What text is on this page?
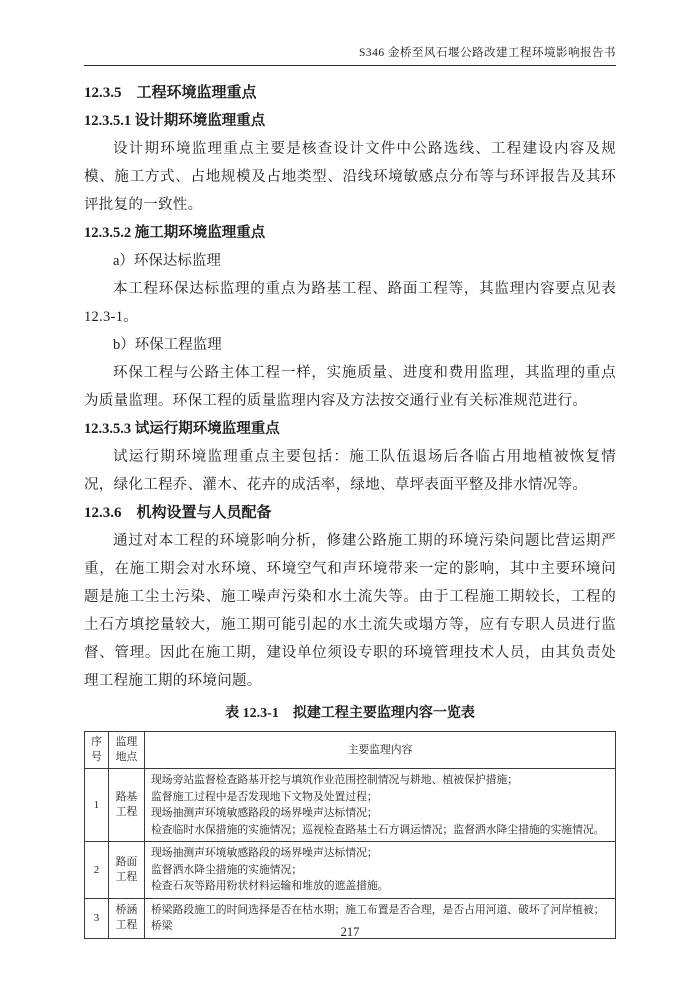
S346 金桥至风石堰公路改建工程环境影响报告书

12.3.5　工程环境监理重点

12.3.5.1 设计期环境监理重点

设计期环境监理重点主要是核查设计文件中公路选线、工程建设内容及规模、施工方式、占地规模及占地类型、沿线环境敏感点分布等与环评报告及其环评批复的一致性。

12.3.5.2 施工期环境监理重点

a）环保达标监理

本工程环保达标监理的重点为路基工程、路面工程等，其监理内容要点见表12.3-1。

b）环保工程监理

环保工程与公路主体工程一样，实施质量、进度和费用监理，其监理的重点为质量监理。环保工程的质量监理内容及方法按交通行业有关标准规范进行。

12.3.5.3 试运行期环境监理重点

试运行期环境监理重点主要包括：施工队伍退场后各临占用地植被恢复情况，绿化工程乔、灌木、花卉的成活率，绿地、草坪表面平整及排水情况等。

12.3.6　机构设置与人员配备

通过对本工程的环境影响分析，修建公路施工期的环境污染问题比营运期严重，在施工期会对水环境、环境空气和声环境带来一定的影响，其中主要环境问题是施工尘土污染、施工噪声污染和水土流失等。由于工程施工期较长，工程的土石方填挖量较大，施工期可能引起的水土流失或塌方等，应有专职人员进行监督、管理。因此在施工期，建设单位须设专职的环境管理技术人员，由其负责处理工程施工期的环境问题。

表 12.3-1　拟建工程主要监理内容一览表
序号	监理地点	主要监理内容
1	路基工程	现场旁站监督检查路基开挖与填筑作业范围控制情况与耕地、植被保护措施；
监督施工过程中是否发现地下文物及处置过程；
现场抽测声环境敏感路段的场界噪声达标情况；
检查临时水保措施的实施情况；巡视检查路基土石方调运情况；监督洒水降尘措施的实施情况。

2	路面工程	现场抽测声环境敏感路段的场界噪声达标情况；
监督洒水降尘措施的实施情况；
检查石灰等路用粉状材料运输和堆放的遮盖措施。

3	桥涵工程	桥梁路段施工的时间选择是否在枯水期；施工布置是否合理，是否占用河道、破坏了河岸植被；桥梁	217
